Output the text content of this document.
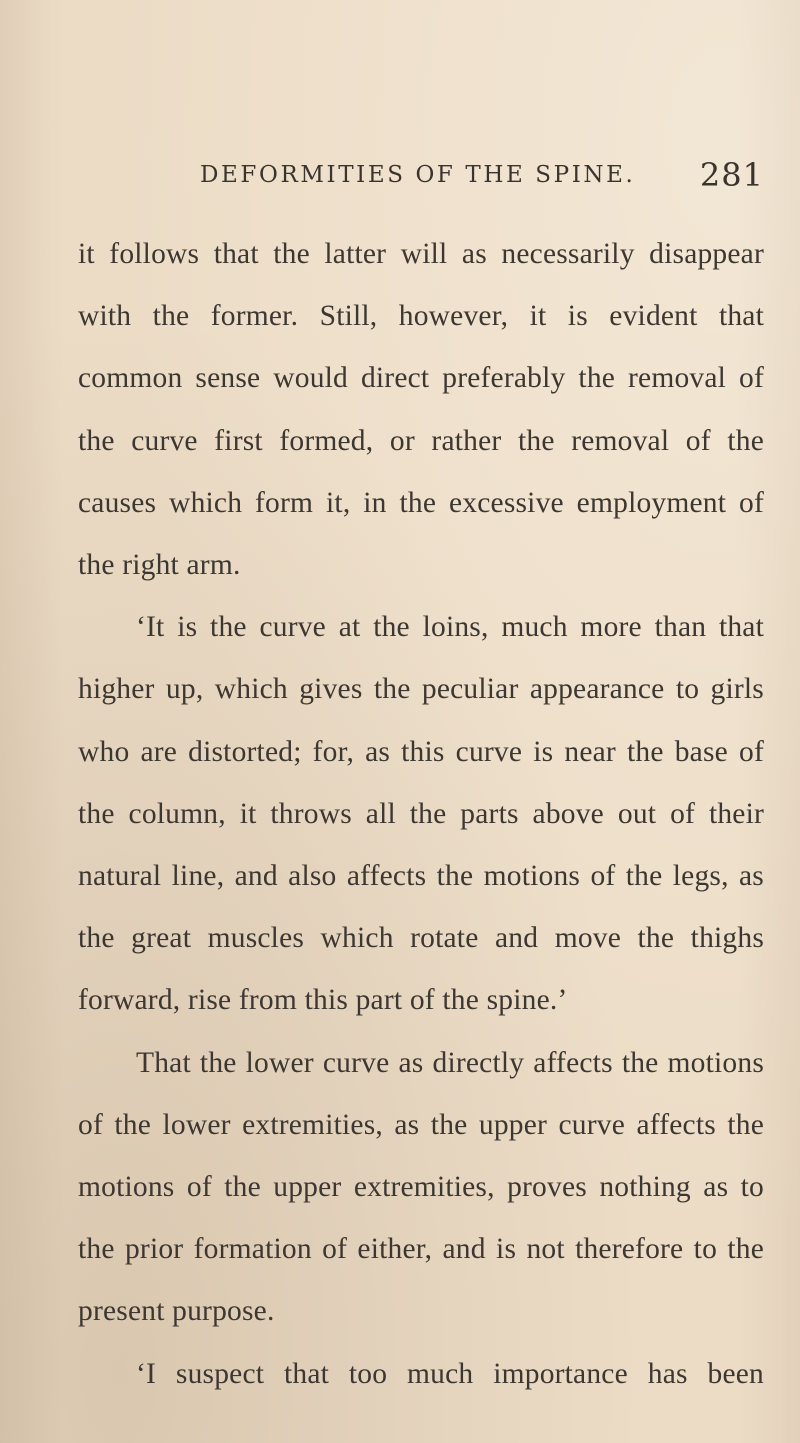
DEFORMITIES OF THE SPINE. 281

it follows that the latter will as necessarily disappear with the former. Still, however, it is evident that common sense would direct preferably the removal of the curve first formed, or rather the removal of the causes which form it, in the excessive employment of the right arm.

‘It is the curve at the loins, much more than that higher up, which gives the peculiar appearance to girls who are distorted; for, as this curve is near the base of the column, it throws all the parts above out of their natural line, and also affects the motions of the legs, as the great muscles which rotate and move the thighs forward, rise from this part of the spine.’

That the lower curve as directly affects the motions of the lower extremities, as the upper curve affects the motions of the upper extremities, proves nothing as to the prior formation of either, and is not therefore to the present purpose.

‘I suspect that too much importance has been
